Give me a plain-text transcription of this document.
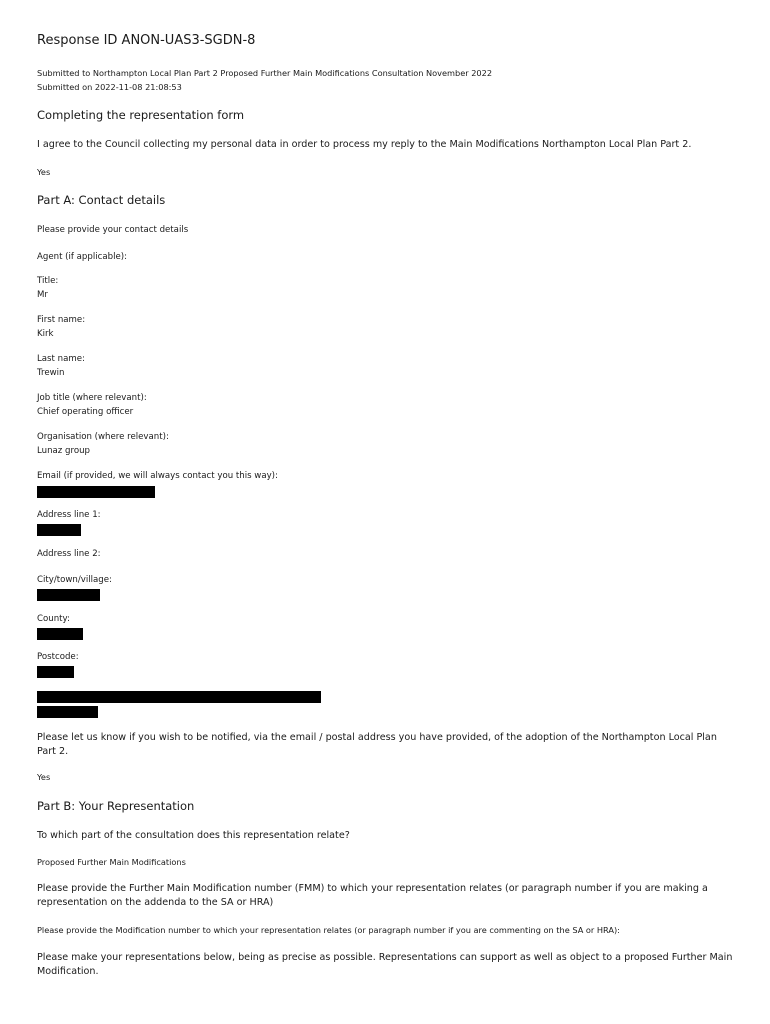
Response ID ANON-UAS3-SGDN-8

Submitted to Northampton Local Plan Part 2 Proposed Further Main Modifications Consultation November 2022

Submitted on 2022-11-08 21:08:53

Completing the representation form

I agree to the Council collecting my personal data in order to process my reply to the Main Modifications Northampton Local Plan Part 2.

Yes

Part A: Contact details

Please provide your contact details

Agent (if applicable):

Title:

Mr

First name:

Kirk

Last name:

Trewin

Job title (where relevant):

Chief operating officer

Organisation (where relevant):

Lunaz group

Email (if provided, we will always contact you this way):

Address line 1:

Address line 2:

City/town/village:

County:

Postcode:

Please let us know if you wish to be notified, via the email / postal address you have provided, of the adoption of the Northampton Local Plan Part 2.

Yes

Part B: Your Representation

To which part of the consultation does this representation relate?

Proposed Further Main Modifications

Please provide the Further Main Modification number (FMM) to which your representation relates (or paragraph number if you are making a representation on the addenda to the SA or HRA)

Please provide the Modification number to which your representation relates (or paragraph number if you are commenting on the SA or HRA):

Please make your representations below, being as precise as possible. Representations can support as well as object to a proposed Further Main Modification.
